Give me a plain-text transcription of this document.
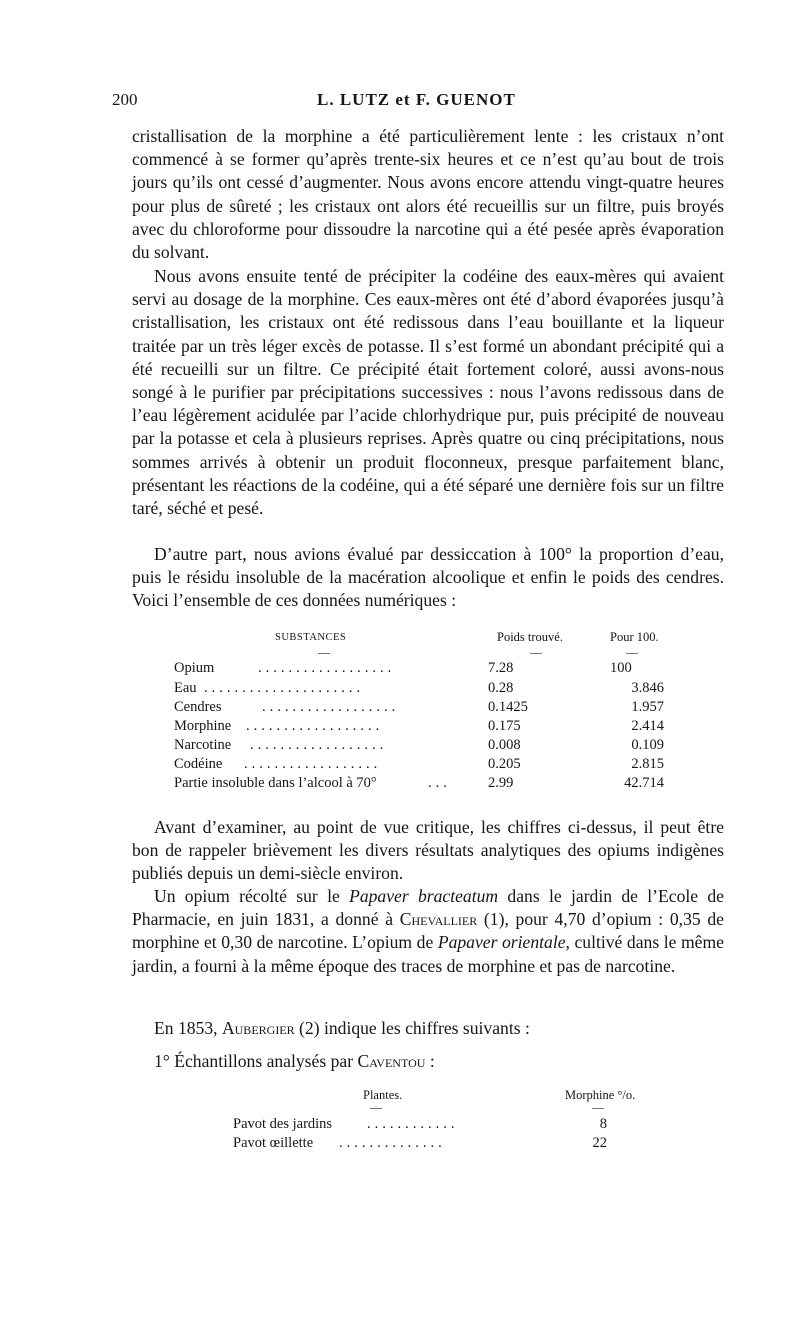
200	L. LUTZ et F. GUENOT

cristallisation de la morphine a été particulièrement lente : les cristaux n’ont commencé à se former qu’après trente-six heures et ce n’est qu’au bout de trois jours qu’ils ont cessé d’augmenter. Nous avons encore attendu vingt-quatre heures pour plus de sûreté ; les cristaux ont alors été recueillis sur un filtre, puis broyés avec du chloroforme pour dissoudre la narcotine qui a été pesée après évaporation du solvant.

Nous avons ensuite tenté de précipiter la codéine des eaux-mères qui avaient servi au dosage de la morphine. Ces eaux-mères ont été d’abord évaporées jusqu’à cristallisation, les cristaux ont été redissous dans l’eau bouillante et la liqueur traitée par un très léger excès de potasse. Il s’est formé un abondant précipité qui a été recueilli sur un filtre. Ce précipité était fortement coloré, aussi avons-nous songé à le purifier par précipitations successives : nous l’avons redissous dans de l’eau légèrement acidulée par l’acide chlorhydrique pur, puis précipité de nouveau par la potasse et cela à plusieurs reprises. Après quatre ou cinq précipitations, nous sommes arrivés à obtenir un produit floconneux, presque parfaitement blanc, présentant les réactions de la codéine, qui a été séparé une dernière fois sur un filtre taré, séché et pesé.

D’autre part, nous avions évalué par dessiccation à 100° la proportion d’eau, puis le résidu insoluble de la macération alcoolique et enfin le poids des cendres. Voici l’ensemble de ces données numériques :

SUBSTANCES	Poids trouvé.	Pour 100.
—	—	—
Opium	..................	7.28	100
Eau .....................	0.28	3.846
Cendres	..................	0.1425	1.957
Morphine ..................	0.175	2.414
Narcotine ..................	0.008	0.109
Codéine ..................	0.205	2.815
Partie insoluble dans l’alcool à 70°	...	2.99	42.714

Avant d’examiner, au point de vue critique, les chiffres ci-dessus, il peut être bon de rappeler brièvement les divers résultats analytiques des opiums indigènes publiés depuis un demi-siècle environ.

Un opium récolté sur le Papaver bracteatum dans le jardin de l’Ecole de Pharmacie, en juin 1831, a donné à Chevallier (1), pour 4,70 d’opium : 0,35 de morphine et 0,30 de narcotine. L’opium de Papaver orientale, cultivé dans le même jardin, a fourni à la même époque des traces de morphine et pas de narcotine.

En 1853, Aubergier (2) indique les chiffres suivants :

1° Échantillons analysés par Caventou :

Plantes.	Morphine °/o.
—	—
Pavot des jardins ............	8
Pavot œillette ..............	22
